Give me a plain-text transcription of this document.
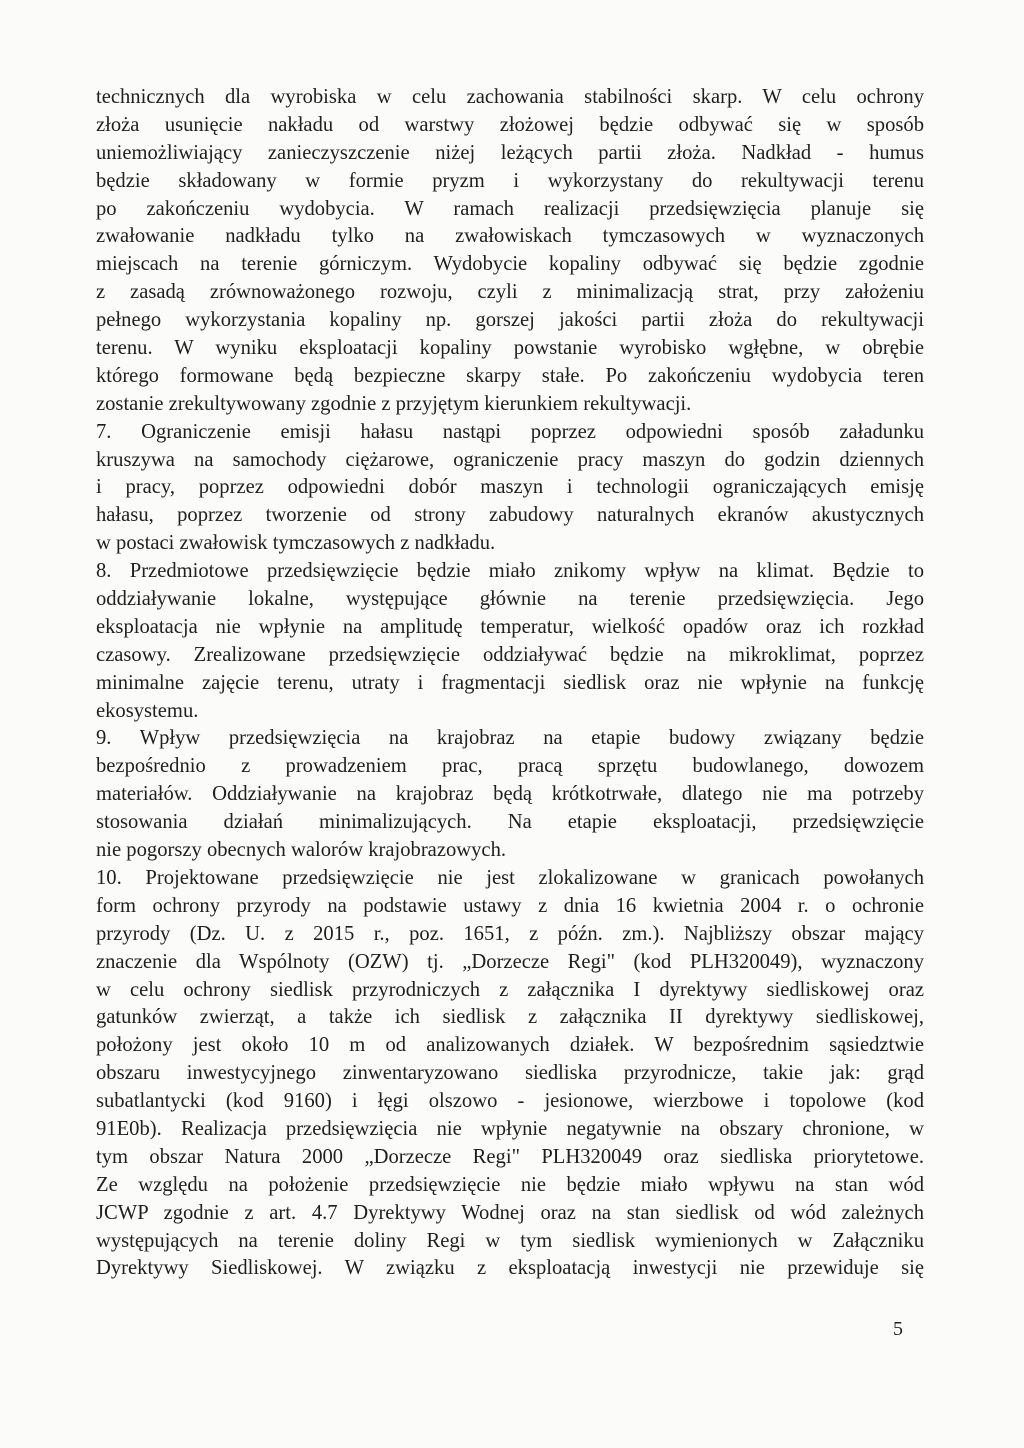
technicznych dla wyrobiska w celu zachowania stabilności skarp. W celu ochrony
złoża usunięcie nakładu od warstwy złożowej będzie odbywać się w sposób
uniemożliwiający zanieczyszczenie niżej leżących partii złoża. Nadkład - humus
będzie składowany w formie pryzm i wykorzystany do rekultywacji terenu
po zakończeniu wydobycia. W ramach realizacji przedsięwzięcia planuje się
zwałowanie nadkładu tylko na zwałowiskach tymczasowych w wyznaczonych
miejscach na terenie górniczym. Wydobycie kopaliny odbywać się będzie zgodnie
z zasadą zrównoważonego rozwoju, czyli z minimalizacją strat, przy założeniu
pełnego wykorzystania kopaliny np. gorszej jakości partii złoża do rekultywacji
terenu. W wyniku eksploatacji kopaliny powstanie wyrobisko wgłębne, w obrębie
którego formowane będą bezpieczne skarpy stałe. Po zakończeniu wydobycia teren
zostanie zrekultywowany zgodnie z przyjętym kierunkiem rekultywacji.
7. Ograniczenie emisji hałasu nastąpi poprzez odpowiedni sposób załadunku
kruszywa na samochody ciężarowe, ograniczenie pracy maszyn do godzin dziennych
i pracy, poprzez odpowiedni dobór maszyn i technologii ograniczających emisję
hałasu, poprzez tworzenie od strony zabudowy naturalnych ekranów akustycznych
w postaci zwałowisk tymczasowych z nadkładu.
8. Przedmiotowe przedsięwzięcie będzie miało znikomy wpływ na klimat. Będzie to
oddziaływanie lokalne, występujące głównie na terenie przedsięwzięcia. Jego
eksploatacja nie wpłynie na amplitudę temperatur, wielkość opadów oraz ich rozkład
czasowy. Zrealizowane przedsięwzięcie oddziaływać będzie na mikroklimat, poprzez
minimalne zajęcie terenu, utraty i fragmentacji siedlisk oraz nie wpłynie na funkcję
ekosystemu.
9. Wpływ przedsięwzięcia na krajobraz na etapie budowy związany będzie
bezpośrednio z prowadzeniem prac, pracą sprzętu budowlanego, dowozem
materiałów. Oddziaływanie na krajobraz będą krótkotrwałe, dlatego nie ma potrzeby
stosowania działań minimalizujących. Na etapie eksploatacji, przedsięwzięcie
nie pogorszy obecnych walorów krajobrazowych.
10. Projektowane przedsięwzięcie nie jest zlokalizowane w granicach powołanych
form ochrony przyrody na podstawie ustawy z dnia 16 kwietnia 2004 r. o ochronie
przyrody (Dz. U. z 2015 r., poz. 1651, z późn. zm.). Najbliższy obszar mający
znaczenie dla Wspólnoty (OZW) tj. „Dorzecze Regi" (kod PLH320049), wyznaczony
w celu ochrony siedlisk przyrodniczych z załącznika I dyrektywy siedliskowej oraz
gatunków zwierząt, a także ich siedlisk z załącznika II dyrektywy siedliskowej,
położony jest około 10 m od analizowanych działek. W bezpośrednim sąsiedztwie
obszaru inwestycyjnego zinwentaryzowano siedliska przyrodnicze, takie jak: grąd
subatlantycki (kod 9160) i łęgi olszowo - jesionowe, wierzbowe i topolowe (kod
91E0b). Realizacja przedsięwzięcia nie wpłynie negatywnie na obszary chronione, w
tym obszar Natura 2000 „Dorzecze Regi" PLH320049 oraz siedliska priorytetowe.
Ze względu na położenie przedsięwzięcie nie będzie miało wpływu na stan wód
JCWP zgodnie z art. 4.7 Dyrektywy Wodnej oraz na stan siedlisk od wód zależnych
występujących na terenie doliny Regi w tym siedlisk wymienionych w Załączniku
Dyrektywy Siedliskowej. W związku z eksploatacją inwestycji nie przewiduje się
5
